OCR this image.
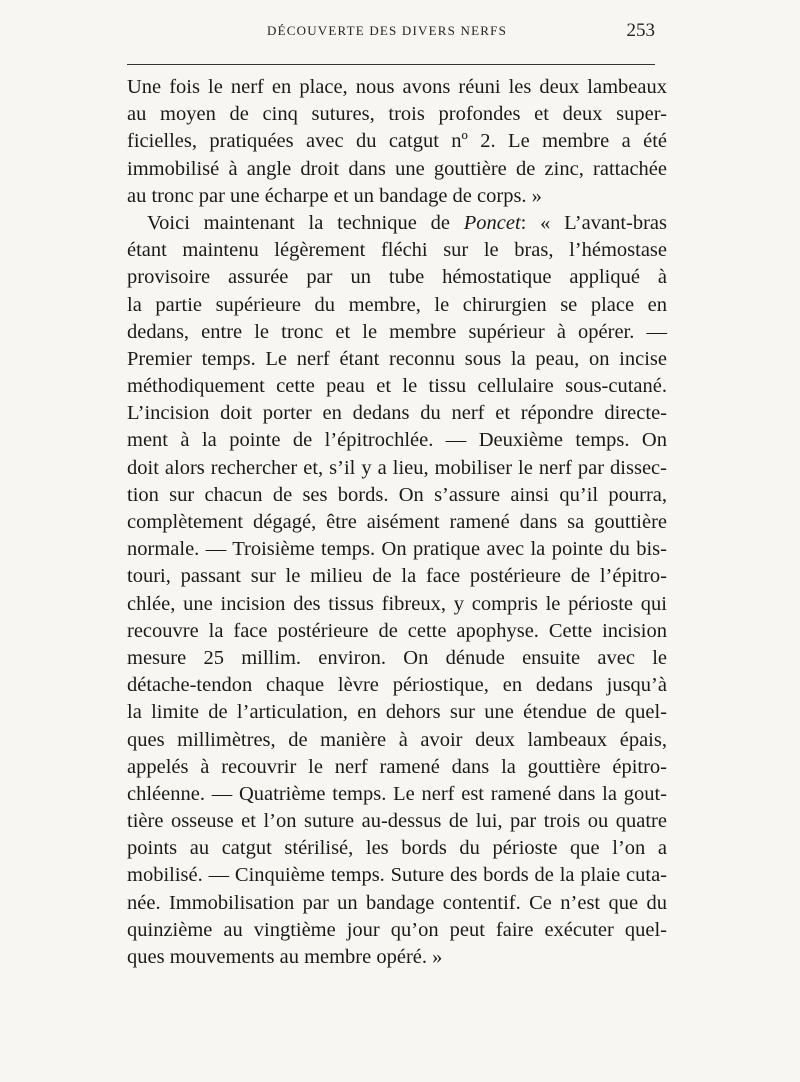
DÉCOUVERTE DES DIVERS NERFS	253
Une fois le nerf en place, nous avons réuni les deux lambeaux
au moyen de cinq sutures, trois profondes et deux super-
ficielles, pratiquées avec du catgut nº 2. Le membre a été
immobilisé à angle droit dans une gouttière de zinc, rattachée
au tronc par une écharpe et un bandage de corps. »
Voici maintenant la technique de Poncet: « L’avant-bras
étant maintenu légèrement fléchi sur le bras, l’hémostase
provisoire assurée par un tube hémostatique appliqué à
la partie supérieure du membre, le chirurgien se place en
dedans, entre le tronc et le membre supérieur à opérer. —
Premier temps. Le nerf étant reconnu sous la peau, on incise
méthodiquement cette peau et le tissu cellulaire sous-cutané.
L’incision doit porter en dedans du nerf et répondre directe-
ment à la pointe de l’épitrochlée. — Deuxième temps. On
doit alors rechercher et, s’il y a lieu, mobiliser le nerf par dissec-
tion sur chacun de ses bords. On s’assure ainsi qu’il pourra,
complètement dégagé, être aisément ramené dans sa gouttière
normale. — Troisième temps. On pratique avec la pointe du bis-
touri, passant sur le milieu de la face postérieure de l’épitro-
chlée, une incision des tissus fibreux, y compris le périoste qui
recouvre la face postérieure de cette apophyse. Cette incision
mesure 25 millim. environ. On dénude ensuite avec le
détache-tendon chaque lèvre périostique, en dedans jusqu’à
la limite de l’articulation, en dehors sur une étendue de quel-
ques millimètres, de manière à avoir deux lambeaux épais,
appelés à recouvrir le nerf ramené dans la gouttière épitro-
chléenne. — Quatrième temps. Le nerf est ramené dans la gout-
tière osseuse et l’on suture au-dessus de lui, par trois ou quatre
points au catgut stérilisé, les bords du périoste que l’on a
mobilisé. — Cinquième temps. Suture des bords de la plaie cuta-
née. Immobilisation par un bandage contentif. Ce n’est que du
quinzième au vingtième jour qu’on peut faire exécuter quel-
ques mouvements au membre opéré. »
